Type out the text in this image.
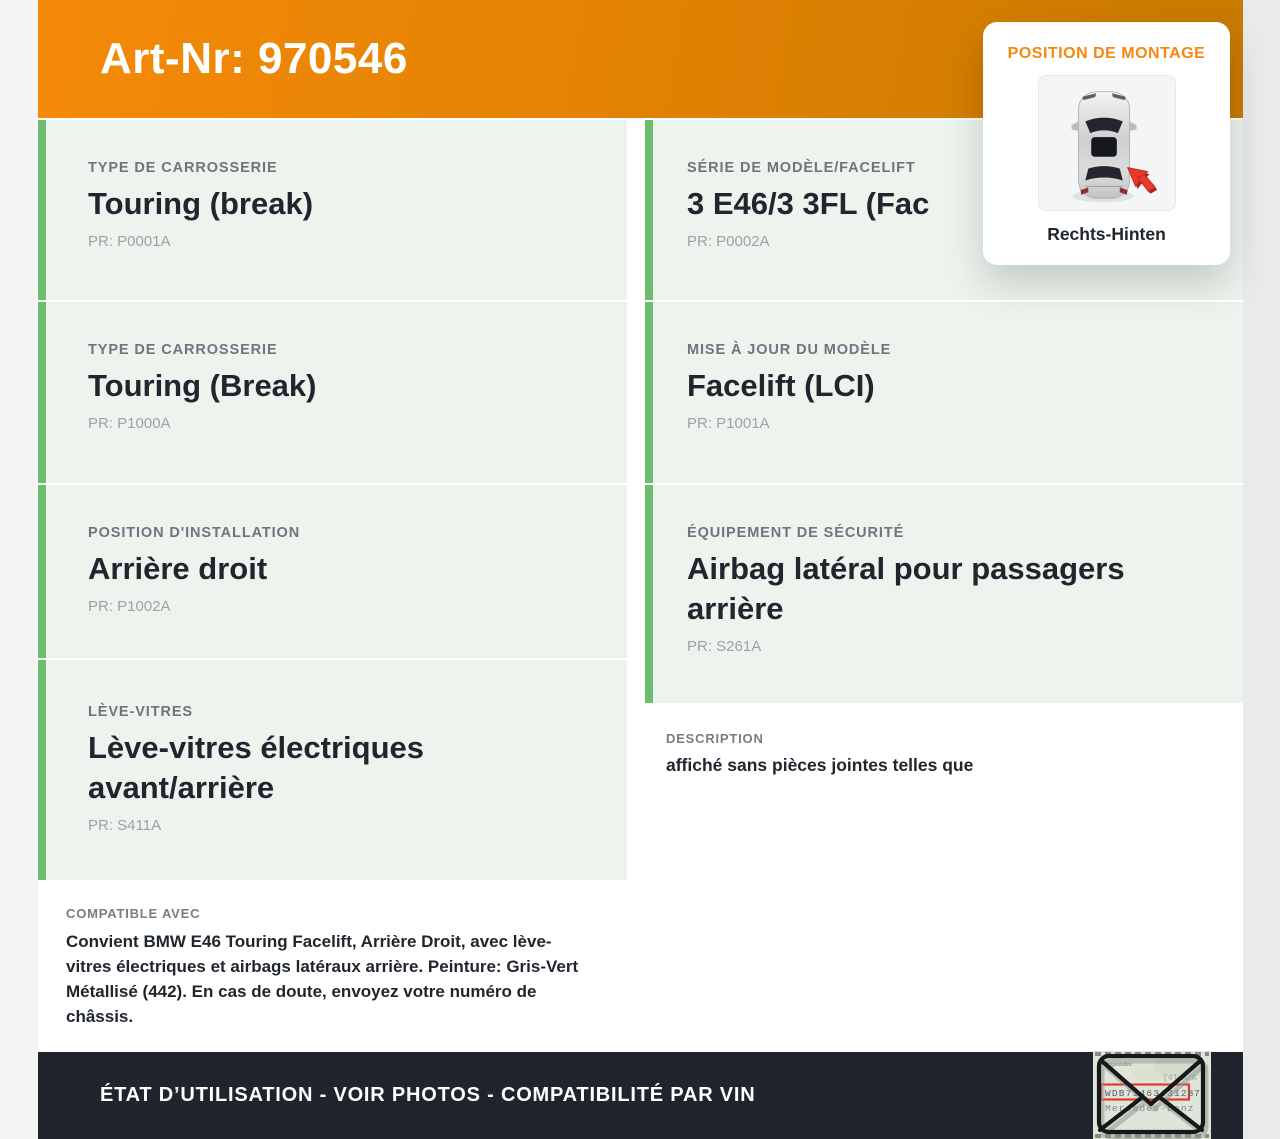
Art-Nr: 970546
TYPE DE CARROSSERIE
Touring (break)
PR: P0001A
TYPE DE CARROSSERIE
Touring (Break)
PR: P1000A
POSITION D'INSTALLATION
Arrière droit
PR: P1002A
LÈVE-VITRES
Lève-vitres électriques avant/arrière
PR: S411A
COMPATIBLE AVEC
Convient BMW E46 Touring Facelift, Arrière Droit, avec lève-vitres électriques et airbags latéraux arrière. Peinture: Gris-Vert Métallisé (442). En cas de doute, envoyez votre numéro de châssis.
SÉRIE DE MODÈLE/FACELIFT
3 E46/3 3FL (Fac
PR: P0002A
MISE À JOUR DU MODÈLE
Facelift (LCI)
PR: P1001A
ÉQUIPEMENT DE SÉCURITÉ
Airbag latéral pour passagers arrière
PR: S261A
DESCRIPTION
affiché sans pièces jointes telles que
ÉTAT D’UTILISATION - VOIR PHOTOS - COMPATIBILITÉ PAR VIN
POSITION DE MONTAGE
Rechts-Hinten
Fahrgestellnr.
[4] A/A
WDB71463J3128 7
Mercedes-Benz
